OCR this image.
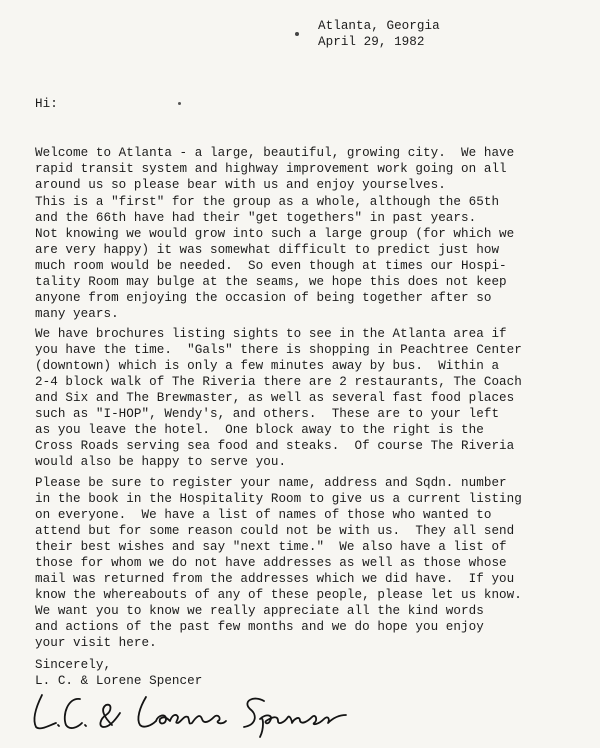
Atlanta, Georgia
April 29, 1982
Hi:
Welcome to Atlanta - a large, beautiful, growing city.  We have
rapid transit system and highway improvement work going on all
around us so please bear with us and enjoy yourselves.
This is a "first" for the group as a whole, although the 65th
and the 66th have had their "get togethers" in past years.
Not knowing we would grow into such a large group (for which we
are very happy) it was somewhat difficult to predict just how
much room would be needed.  So even though at times our Hospi-
tality Room may bulge at the seams, we hope this does not keep
anyone from enjoying the occasion of being together after so
many years.
We have brochures listing sights to see in the Atlanta area if
you have the time.  "Gals" there is shopping in Peachtree Center
(downtown) which is only a few minutes away by bus.  Within a
2-4 block walk of The Riveria there are 2 restaurants, The Coach
and Six and The Brewmaster, as well as several fast food places
such as "I-HOP", Wendy's, and others.  These are to your left
as you leave the hotel.  One block away to the right is the
Cross Roads serving sea food and steaks.  Of course The Riveria
would also be happy to serve you.
Please be sure to register your name, address and Sqdn. number
in the book in the Hospitality Room to give us a current listing
on everyone.  We have a list of names of those who wanted to
attend but for some reason could not be with us.  They all send
their best wishes and say "next time."  We also have a list of
those for whom we do not have addresses as well as those whose
mail was returned from the addresses which we did have.  If you
know the whereabouts of any of these people, please let us know.
We want you to know we really appreciate all the kind words
and actions of the past few months and we do hope you enjoy
your visit here.
Sincerely,
L. C. & Lorene Spencer
